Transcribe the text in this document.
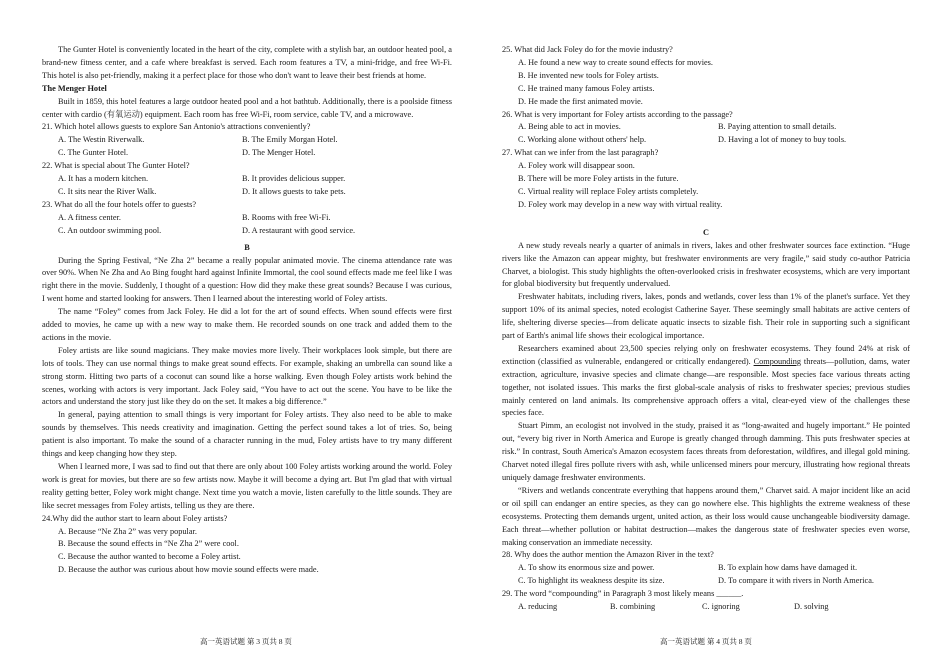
The Gunter Hotel is conveniently located in the heart of the city, complete with a stylish bar, an outdoor heated pool, a brand-new fitness center, and a cafe where breakfast is served. Each room features a TV, a mini-fridge, and free Wi-Fi. This hotel is also pet-friendly, making it a perfect place for those who don't want to leave their best friends at home.

The Menger Hotel

Built in 1859, this hotel features a large outdoor heated pool and a hot bathtub. Additionally, there is a poolside fitness center with cardio (有氧运动) equipment. Each room has free Wi-Fi, room service, cable TV, and a microwave.

21. Which hotel allows guests to explore San Antonio's attractions conveniently?

A. The Westin Riverwalk.	B. The Emily Morgan Hotel.
C. The Gunter Hotel.	D. The Menger Hotel.

22. What is special about The Gunter Hotel?

A. It has a modern kitchen.	B. It provides delicious supper.
C. It sits near the River Walk.	D. It allows guests to take pets.

23. What do all the four hotels offer to guests?

A. A fitness center.	B. Rooms with free Wi-Fi.
C. An outdoor swimming pool.	D. A restaurant with good service.

B

During the Spring Festival, “Ne Zha 2” became a really popular animated movie. The cinema attendance rate was over 90%. When Ne Zha and Ao Bing fought hard against Infinite Immortal, the cool sound effects made me feel like I was right there in the movie. Suddenly, I thought of a question: How did they make these great sounds? Because I was curious, I went home and started looking for answers. Then I learned about the interesting world of Foley artists.

The name “Foley” comes from Jack Foley. He did a lot for the art of sound effects. When sound effects were first added to movies, he came up with a new way to make them. He recorded sounds on one track and added them to the actions in the movie.

Foley artists are like sound magicians. They make movies more lively. Their workplaces look simple, but there are lots of tools. They can use normal things to make great sound effects. For example, shaking an umbrella can sound like a strong storm. Hitting two parts of a coconut can sound like a horse walking. Even though Foley artists work behind the scenes, working with actors is very important. Jack Foley said, “You have to act out the scene. You have to be like the actors and understand the story just like they do on the set. It makes a big difference.”

In general, paying attention to small things is very important for Foley artists. They also need to be able to make sounds by themselves. This needs creativity and imagination. Getting the perfect sound takes a lot of tries. So, being patient is also important. To make the sound of a character running in the mud, Foley artists have to try many different things and keep changing how they step.

When I learned more, I was sad to find out that there are only about 100 Foley artists working around the world. Foley work is great for movies, but there are so few artists now. Maybe it will become a dying art. But I'm glad that with virtual reality getting better, Foley work might change. Next time you watch a movie, listen carefully to the little sounds. They are like secret messages from Foley artists, telling us they are there.

24.Why did the author start to learn about Foley artists?

A. Because “Ne Zha 2” was very popular.

B. Because the sound effects in “Ne Zha 2” were cool.

C. Because the author wanted to become a Foley artist.

D. Because the author was curious about how movie sound effects were made.

25. What did Jack Foley do for the movie industry?

A. He found a new way to create sound effects for movies.

B. He invented new tools for Foley artists.

C. He trained many famous Foley artists.

D. He made the first animated movie.

26. What is very important for Foley artists according to the passage?

A. Being able to act in movies.	B. Paying attention to small details.
C. Working alone without others' help.	D. Having a lot of money to buy tools.

27. What can we infer from the last paragraph?

A. Foley work will disappear soon.

B. There will be more Foley artists in the future.

C. Virtual reality will replace Foley artists completely.

D. Foley work may develop in a new way with virtual reality.

C

A new study reveals nearly a quarter of animals in rivers, lakes and other freshwater sources face extinction. “Huge rivers like the Amazon can appear mighty, but freshwater environments are very fragile,” said study co-author Patricia Charvet, a biologist. This study highlights the often-overlooked crisis in freshwater ecosystems, which are very important for global biodiversity but frequently undervalued.

Freshwater habitats, including rivers, lakes, ponds and wetlands, cover less than 1% of the planet's surface. Yet they support 10% of its animal species, noted ecologist Catherine Sayer. These seemingly small habitats are active centers of life, sheltering diverse species—from delicate aquatic insects to sizable fish. Their role in supporting such a significant part of Earth's animal life shows their ecological importance.

Researchers examined about 23,500 species relying only on freshwater ecosystems. They found 24% at risk of extinction (classified as vulnerable, endangered or critically endangered). Compounding threats—pollution, dams, water extraction, agriculture, invasive species and climate change—are responsible. Most species face various threats acting together, not isolated issues. This marks the first global-scale analysis of risks to freshwater species; previous studies mainly centered on land animals. Its comprehensive approach offers a vital, clear-eyed view of the challenges these species face.

Stuart Pimm, an ecologist not involved in the study, praised it as “long-awaited and hugely important.” He pointed out, “every big river in North America and Europe is greatly changed through damming. This puts freshwater species at risk.” In contrast, South America's Amazon ecosystem faces threats from deforestation, wildfires, and illegal gold mining. Charvet noted illegal fires pollute rivers with ash, while unlicensed miners pour mercury, illustrating how regional threats uniquely damage freshwater environments.

“Rivers and wetlands concentrate everything that happens around them,” Charvet said. A major incident like an acid or oil spill can endanger an entire species, as they can go nowhere else. This highlights the extreme weakness of these ecosystems. Protecting them demands urgent, united action, as their loss would cause unchangeable biodiversity damage. Each threat—whether pollution or habitat destruction—makes the dangerous state of freshwater species even worse, making conservation an immediate necessity.

28. Why does the author mention the Amazon River in the text?

A. To show its enormous size and power.	B. To explain how dams have damaged it.
C. To highlight its weakness despite its size.	D. To compare it with rivers in North America.

29. The word “compounding” in Paragraph 3 most likely means ______.

A. reducing	B. combining	C. ignoring	D. solving
高一英语试题 第 3 页共 8 页	高一英语试题 第 4 页共 8 页
